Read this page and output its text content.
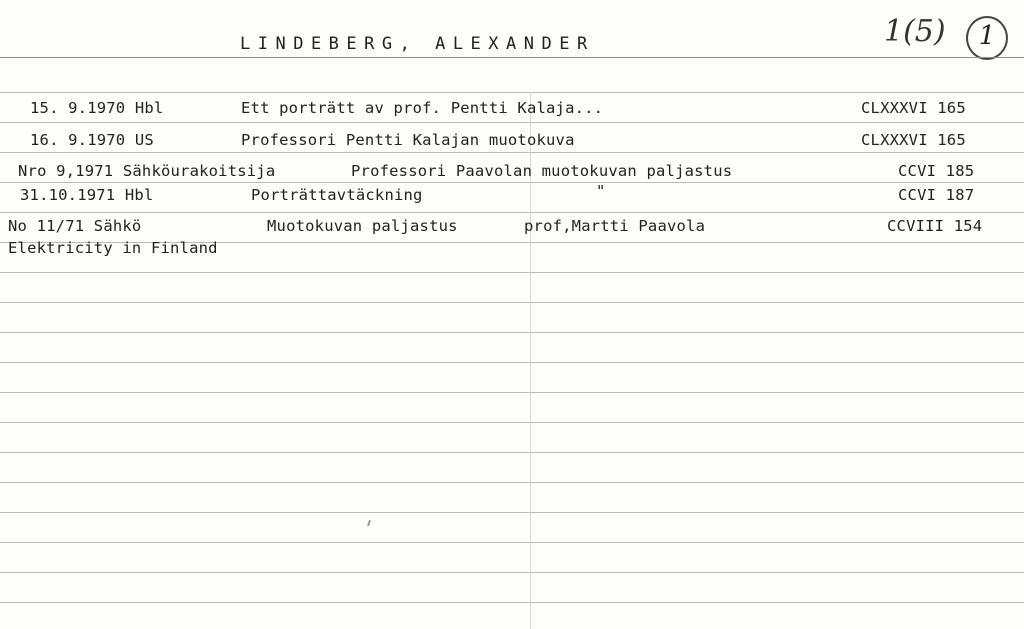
LINDEBERG, ALEXANDER	1(5)	1
15. 9.1970 Hbl	Ett porträtt av prof. Pentti Kalaja...	CLXXXVI 165
16. 9.1970 US	Professori Pentti Kalajan muotokuva	CLXXXVI 165
Nro 9,1971 Sähköurakoitsija	Professori Paavolan muotokuvan paljastus	CCVI 185
31.10.1971 Hbl	Porträttavtäckning	"	CCVI 187
No 11/71 Sähkö	Muotokuvan paljastus	prof,Martti Paavola	CCVIII 154
Elektricity in Finland
